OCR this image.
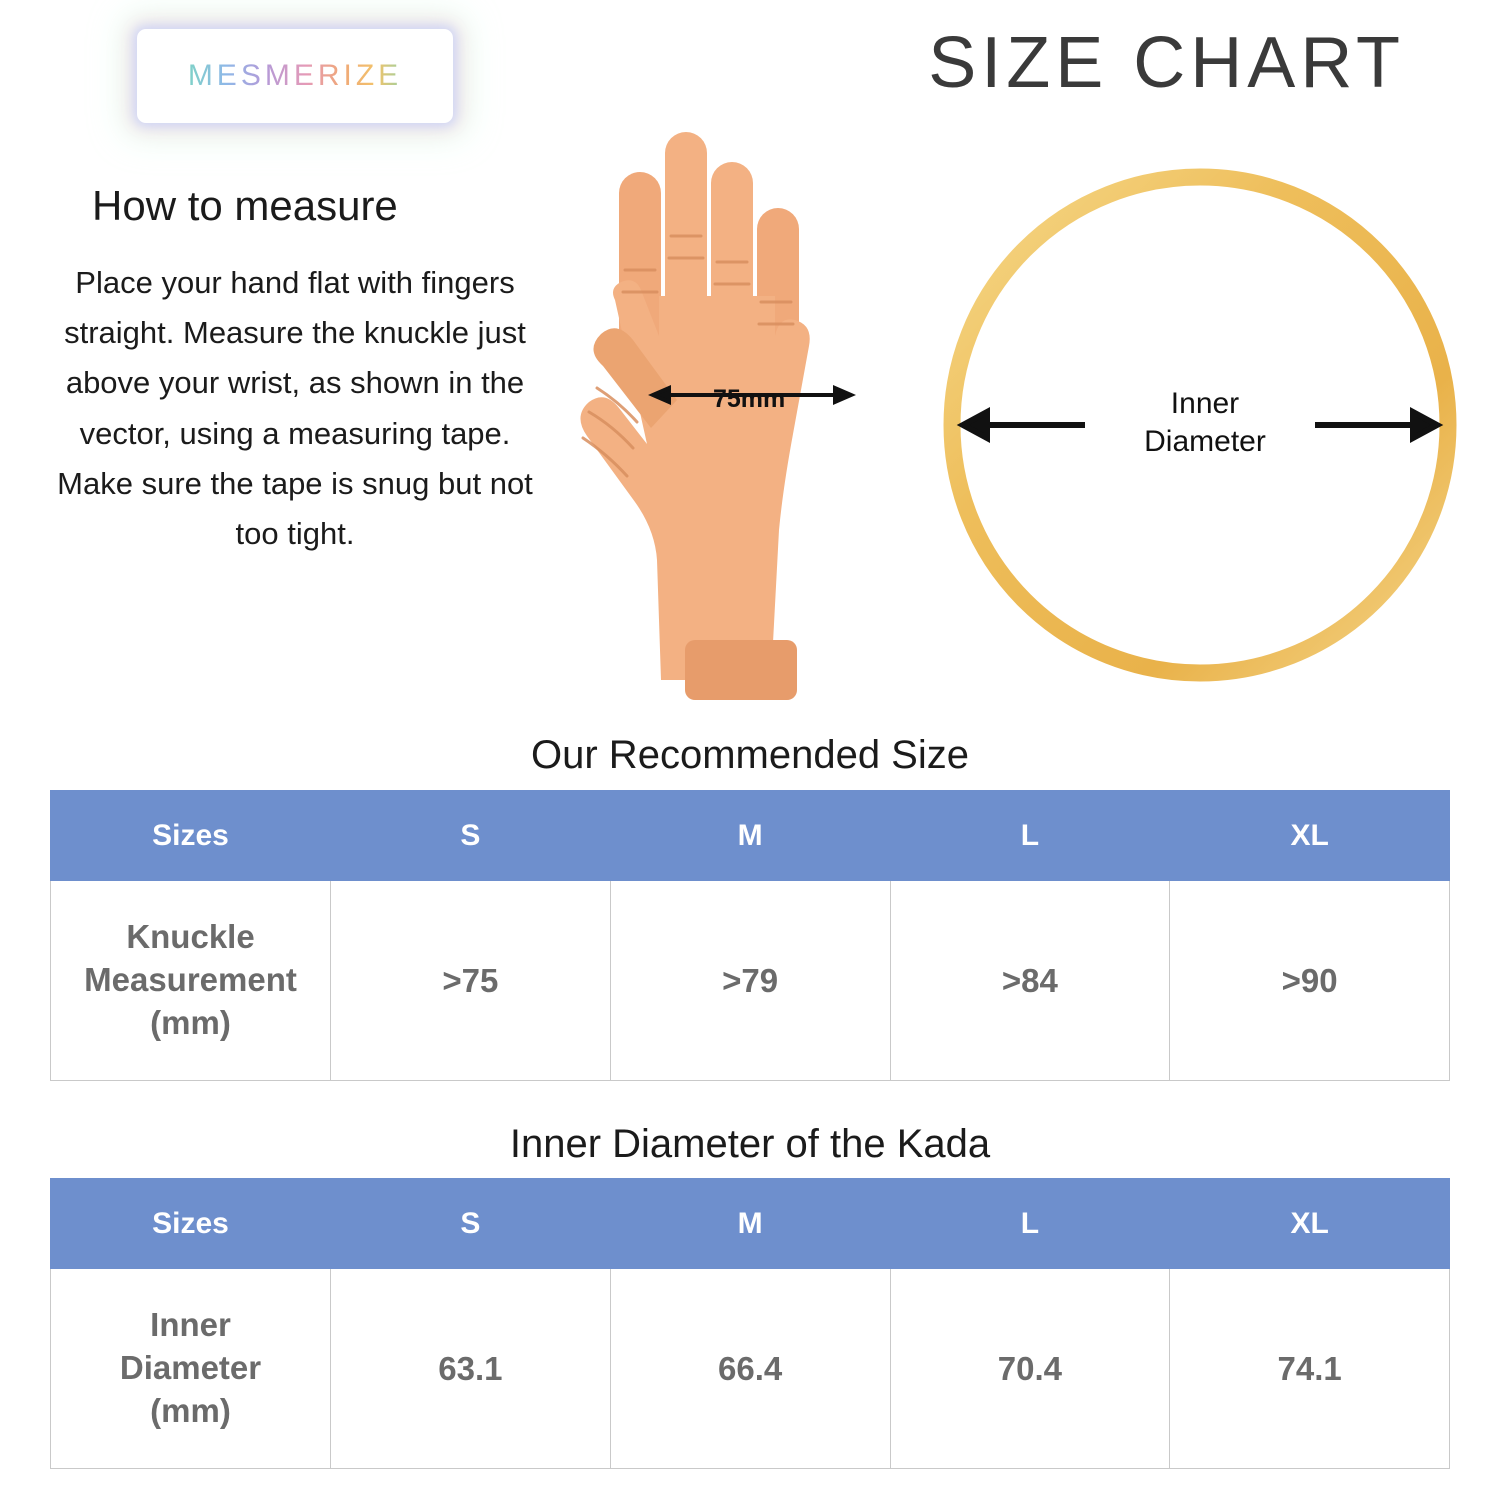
MESMERIZE	SIZE CHART
How to measure
Place your hand flat with fingers straight. Measure the knuckle just above your wrist, as shown in the vector, using a measuring tape. Make sure the tape is snug but not too tight.
75mm	Inner
Diameter
Our Recommended Size
Sizes	S	M	L	XL

Knuckle
Measurement
(mm)	>75	>79	>84	>90
Inner Diameter of the Kada
Sizes	S	M	L	XL

Inner
Diameter
(mm)	63.1	66.4	70.4	74.1
